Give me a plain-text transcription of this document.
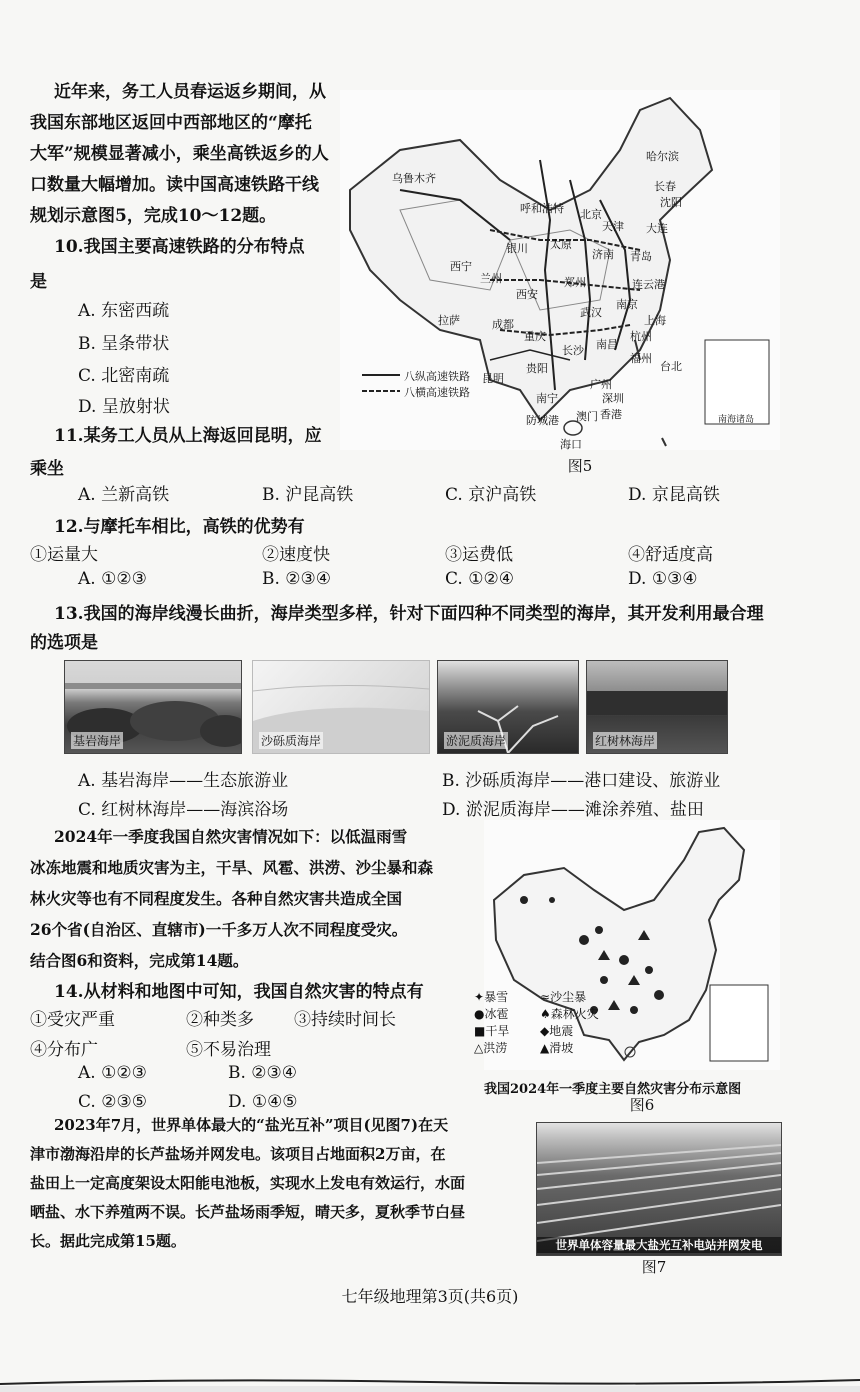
近年来，务工人员春运返乡期间，从
我国东部地区返回中西部地区的“摩托
大军”规模显著减小，乘坐高铁返乡的人
口数量大幅增加。读中国高速铁路干线
规划示意图5，完成10～12题。
10.我国主要高速铁路的分布特点
是
A. 东密西疏
B. 呈条带状
C. 北密南疏
D. 呈放射状
11.某务工人员从上海返回昆明，应
乘坐
A. 兰新高铁	B. 沪昆高铁	C. 京沪高铁	D. 京昆高铁
12.与摩托车相比，高铁的优势有
①运量大	②速度快	③运费低	④舒适度高
A. ①②③	B. ②③④	C. ①②④	D. ①③④
13.我国的海岸线漫长曲折，海岸类型多样，针对下面四种不同类型的海岸，其开发利用最合理
的选项是
基岩海岸	沙砾质海岸	淤泥质海岸	红树林海岸
A. 基岩海岸——生态旅游业	B. 沙砾质海岸——港口建设、旅游业
C. 红树林海岸——海滨浴场	D. 淤泥质海岸——滩涂养殖、盐田
2024年一季度我国自然灾害情况如下：以低温雨雪
冰冻地震和地质灾害为主，干旱、风雹、洪涝、沙尘暴和森
林火灾等也有不同程度发生。各种自然灾害共造成全国
26个省(自治区、直辖市)一千多万人次不同程度受灾。
结合图6和资料，完成第14题。
14.从材料和地图中可知，我国自然灾害的特点有
①受灾严重	②种类多 ③持续时间长
④分布广	⑤不易治理
A. ①②③	B. ②③④
C. ②③⑤	D. ①④⑤
2023年7月，世界单体最大的“盐光互补”项目(见图7)在天
津市渤海沿岸的长芦盐场并网发电。该项目占地面积2万亩，在
盐田上一定高度架设太阳能电池板，实现水上发电有效运行，水面
晒盐、水下养殖两不误。长芦盐场雨季短，晴天多，夏秋季节白昼
长。据此完成第15题。
乌鲁木齐
哈尔滨
长春
沈阳
大连
北京
天津
呼和浩特
太原
青岛
济南
银川
西宁
兰州
西安
郑州	连云港
南京
上海
武汉
杭州
成都
重庆
长沙 南昌
福州
昆明
贵阳
南宁
广州
深圳
台北
香港
澳门
海口
防城港
拉萨
八纵高速铁路
八横高速铁路
南海诸岛
图5
✦暴雪
●冰雹
■干旱
△洪涝
≈沙尘暴
♠森林火灾
◆地震
▲滑坡
我国2024年一季度主要自然灾害分布示意图
图6
世界单体容量最大盐光互补电站并网发电
图7
七年级地理第3页(共6页)
